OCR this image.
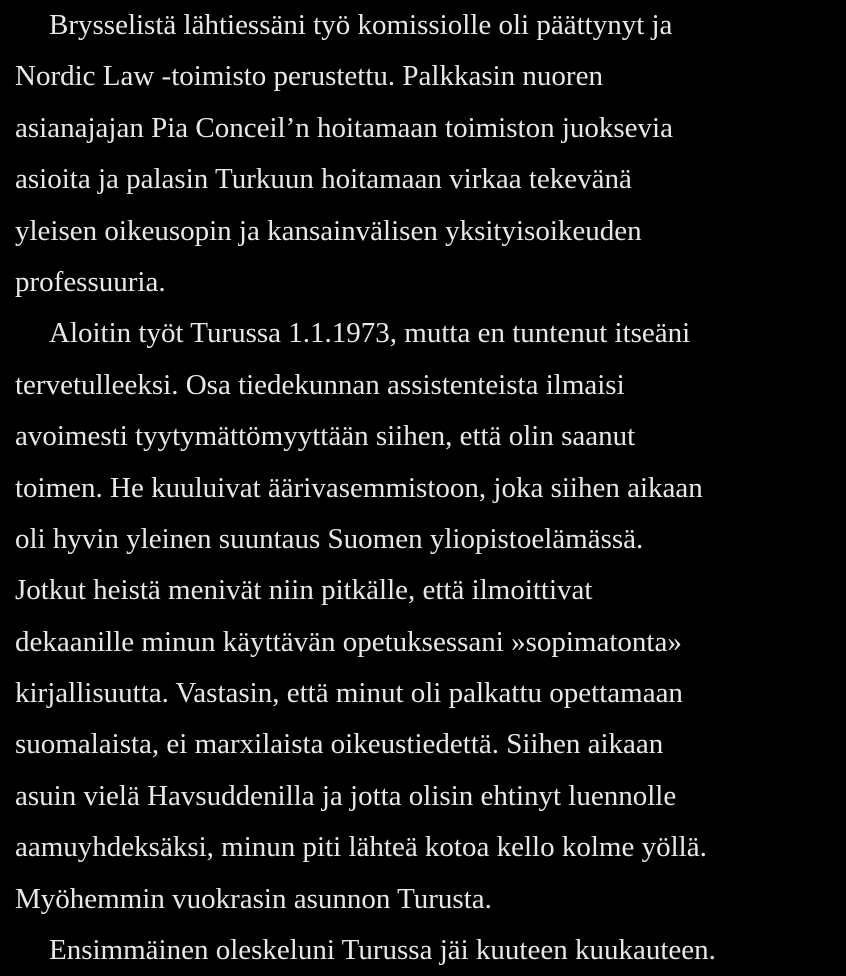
Brysselistä lähtiessäni työ komissiolle oli päättynyt ja
Nordic Law -toimisto perustettu. Palkkasin nuoren
asianajajan Pia Conceil’n hoitamaan toimiston juoksevia
asioita ja palasin Turkuun hoitamaan virkaa tekevänä
yleisen oikeusopin ja kansainvälisen yksityisoikeuden
professuuria.
Aloitin työt Turussa 1.1.1973, mutta en tuntenut itseäni
tervetulleeksi. Osa tiedekunnan assistenteista ilmaisi
avoimesti tyytymättömyyttään siihen, että olin saanut
toimen. He kuuluivat äärivasemmistoon, joka siihen aikaan
oli hyvin yleinen suuntaus Suomen yliopistoelämässä.
Jotkut heistä menivät niin pitkälle, että ilmoittivat
dekaanille minun käyttävän opetuksessani »sopimatonta»
kirjallisuutta. Vastasin, että minut oli palkattu opettamaan
suomalaista, ei marxilaista oikeustiedettä. Siihen aikaan
asuin vielä Havsuddenilla ja jotta olisin ehtinyt luennolle
aamuyhdeksäksi, minun piti lähteä kotoa kello kolme yöllä.
Myöhemmin vuokrasin asunnon Turusta.
Ensimmäinen oleskeluni Turussa jäi kuuteen kuukauteen.
